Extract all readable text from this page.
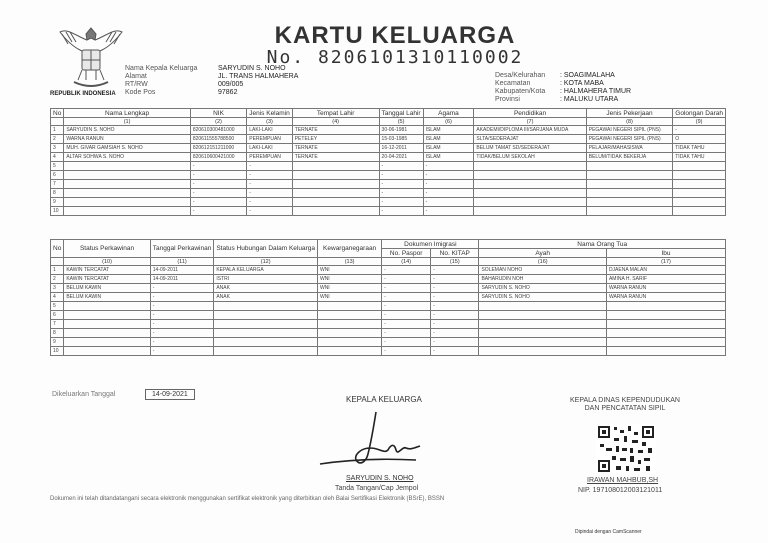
REPUBLIK INDONESIA
Nama Kepala Keluarga
Alamat
RT/RW
Kode Pos
SARYUDIN S. NOHO
JL. TRANS HALMAHERA
009/005
97862
KARTU KELUARGA
No. 8206101310110002
Desa/Kelurahan
Kecamatan
Kabupaten/Kota
Provinsi
: SOAGIMALAHA
: KOTA MABA
: HALMAHERA TIMUR
: MALUKU UTARA
No	Nama Lengkap	NIK	Jenis Kelamin	Tempat Lahir	Tanggal Lahir	Agama	Pendidikan	Jenis Pekerjaan	Golongan Darah
	(1)	(2)	(3)	(4)	(5)	(6)	(7)	(8)	(9)
1	SARYUDIN S. NOHO	820610300481000	LAKI-LAKI	TERNATE	30-06-1981	ISLAM	AKADEMI/DIPLOMA III/SARJANA MUDA	PEGAWAI NEGERI SIPIL (PNS)	-
2	WARNA RANUN	820611555788500	PEREMPUAN	PETELEY	15-03-1985	ISLAM	SLTA/SEDERAJAT	PEGAWAI NEGERI SIPIL (PNS)	O
3	MUH. GIVAR GAMSIAH S. NOHO	820612151211000	LAKI-LAKI	TERNATE	16-12-2011	ISLAM	BELUM TAMAT SD/SEDERAJAT	PELAJAR/MAHASISWA	TIDAK TAHU
4	ALTAR SOHWA S. NOHO	820610600421000	PEREMPUAN	TERNATE	20-04-2021	ISLAM	TIDAK/BELUM SEKOLAH	BELUM/TIDAK BEKERJA	TIDAK TAHU
5		-	-		-	-			
6		-	-		-	-			
7		-	-		-	-			
8		-	-		-	-			
9		-	-		-	-			
10		-	-		-	-			
No	Status Perkawinan	Tanggal Perkawinan	Status Hubungan Dalam Keluarga	Kewarganegaraan	Dokumen Imigrasi		Nama Orang Tua	
					No. Paspor	No. KITAP	Ayah	Ibu
	(10)	(11)	(12)	(13)	(14)	(15)	(16)	(17)
1	KAWIN TERCATAT	14-09-2011	KEPALA KELUARGA	WNI	-	-	SOLEMAN NOHO	DJAENA MALAN
2	KAWIN TERCATAT	14-09-2011	ISTRI	WNI	-	-	BAHARUDIN NOH	AMINA H. SARIF
3	BELUM KAWIN	-	ANAK	WNI	-	-	SARYUDIN S. NOHO	WARNA RANUN
4	BELUM KAWIN	-	ANAK	WNI	-	-	SARYUDIN S. NOHO	WARNA RANUN
5		-			-	-		
6		-			-	-		
7		-			-	-		
8		-			-	-		
9		-			-	-		
10		-			-	-		
Dikeluarkan Tanggal	14-09-2021
KEPALA KELUARGA
SARYUDIN S. NOHO
Tanda Tangan/Cap Jempol
KEPALA DINAS KEPENDUDUKAN
DAN PENCATATAN SIPIL
IRAWAN MAHBUB,SH
NIP. 197108012003121011
Dokumen ini telah ditandatangani secara elektronik menggunakan sertifikat elektronik yang diterbitkan oleh Balai Sertifikasi Elektronik (BSrE), BSSN
Dipindai dengan CamScanner
